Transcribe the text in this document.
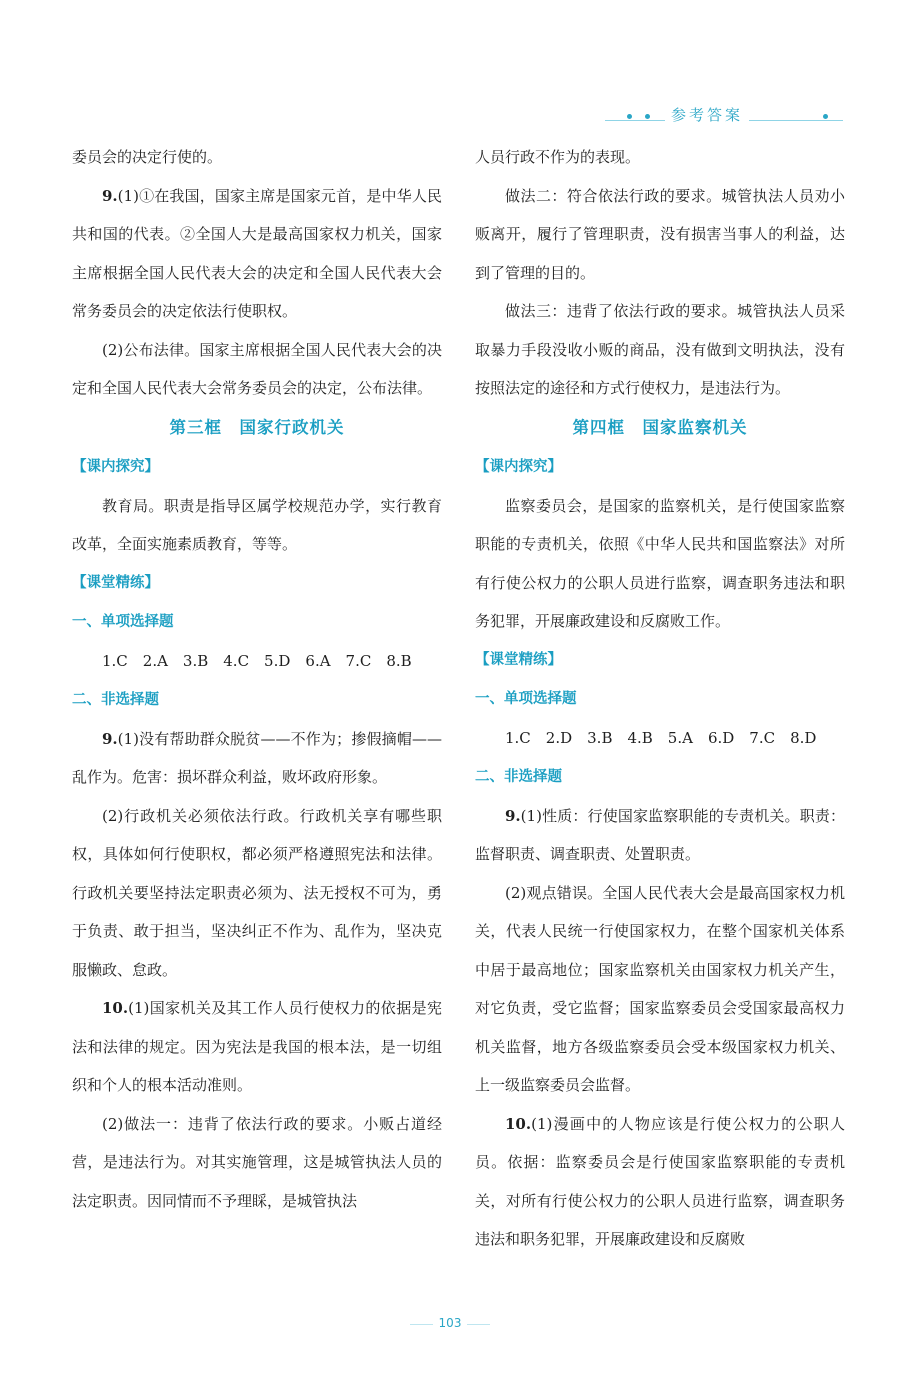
参考答案

委员会的决定行使的。

9.(1)①在我国，国家主席是国家元首，是中华人民共和国的代表。②全国人大是最高国家权力机关，国家主席根据全国人民代表大会的决定和全国人民代表大会常务委员会的决定依法行使职权。

(2)公布法律。国家主席根据全国人民代表大会的决定和全国人民代表大会常务委员会的决定，公布法律。

第三框　国家行政机关
【课内探究】

教育局。职责是指导区属学校规范办学，实行教育改革，全面实施素质教育，等等。

【课堂精练】
一、单项选择题
1.C　2.A　3.B　4.C　5.D　6.A　7.C　8.B
二、非选择题

9.(1)没有帮助群众脱贫——不作为；掺假摘帽——乱作为。危害：损坏群众利益，败坏政府形象。

(2)行政机关必须依法行政。行政机关享有哪些职权，具体如何行使职权，都必须严格遵照宪法和法律。行政机关要坚持法定职责必须为、法无授权不可为，勇于负责、敢于担当，坚决纠正不作为、乱作为，坚决克服懒政、怠政。

10.(1)国家机关及其工作人员行使权力的依据是宪法和法律的规定。因为宪法是我国的根本法，是一切组织和个人的根本活动准则。

(2)做法一：违背了依法行政的要求。小贩占道经营，是违法行为。对其实施管理，这是城管执法人员的法定职责。因同情而不予理睬，是城管执法

人员行政不作为的表现。

做法二：符合依法行政的要求。城管执法人员劝小贩离开，履行了管理职责，没有损害当事人的利益，达到了管理的目的。

做法三：违背了依法行政的要求。城管执法人员采取暴力手段没收小贩的商品，没有做到文明执法，没有按照法定的途径和方式行使权力，是违法行为。

第四框　国家监察机关
【课内探究】

监察委员会，是国家的监察机关，是行使国家监察职能的专责机关，依照《中华人民共和国监察法》对所有行使公权力的公职人员进行监察，调查职务违法和职务犯罪，开展廉政建设和反腐败工作。

【课堂精练】
一、单项选择题
1.C　2.D　3.B　4.B　5.A　6.D　7.C　8.D
二、非选择题

9.(1)性质：行使国家监察职能的专责机关。职责：监督职责、调查职责、处置职责。

(2)观点错误。全国人民代表大会是最高国家权力机关，代表人民统一行使国家权力，在整个国家机关体系中居于最高地位；国家监察机关由国家权力机关产生，对它负责，受它监督；国家监察委员会受国家最高权力机关监督，地方各级监察委员会受本级国家权力机关、上一级监察委员会监督。

10.(1)漫画中的人物应该是行使公权力的公职人员。依据：监察委员会是行使国家监察职能的专责机关，对所有行使公权力的公职人员进行监察，调查职务违法和职务犯罪，开展廉政建设和反腐败

103
